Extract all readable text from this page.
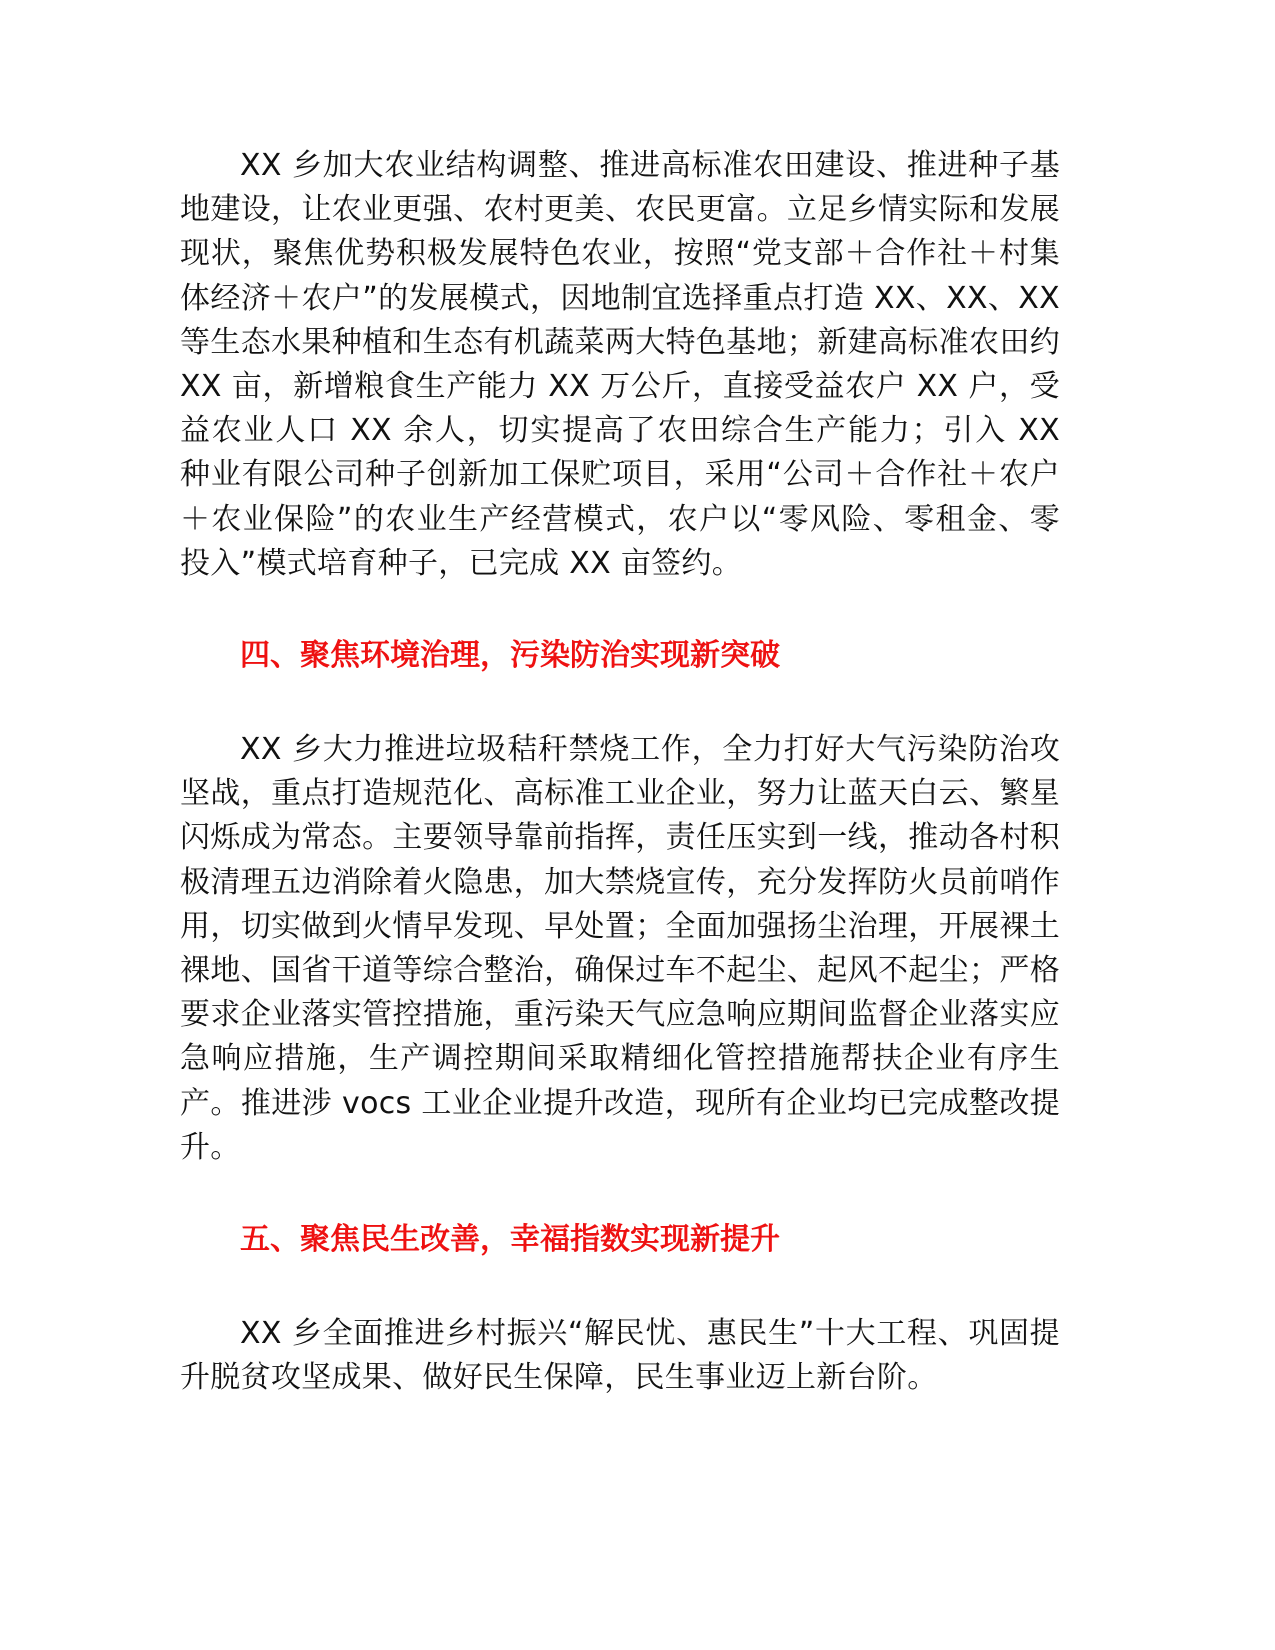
XX 乡加大农业结构调整、推进高标准农田建设、推进种子基地建设，让农业更强、农村更美、农民更富。立足乡情实际和发展现状，聚焦优势积极发展特色农业，按照“党支部＋合作社＋村集体经济＋农户”的发展模式，因地制宜选择重点打造 XX、XX、XX 等生态水果种植和生态有机蔬菜两大特色基地；新建高标准农田约 XX 亩，新增粮食生产能力 XX 万公斤，直接受益农户 XX 户，受益农业人口 XX 余人，切实提高了农田综合生产能力；引入 XX 种业有限公司种子创新加工保贮项目，采用“公司＋合作社＋农户＋农业保险”的农业生产经营模式，农户以“零风险、零租金、零投入”模式培育种子，已完成 XX 亩签约。

四、聚焦环境治理，污染防治实现新突破

XX 乡大力推进垃圾秸秆禁烧工作，全力打好大气污染防治攻坚战，重点打造规范化、高标准工业企业，努力让蓝天白云、繁星闪烁成为常态。主要领导靠前指挥，责任压实到一线，推动各村积极清理五边消除着火隐患，加大禁烧宣传，充分发挥防火员前哨作用，切实做到火情早发现、早处置；全面加强扬尘治理，开展裸土裸地、国省干道等综合整治，确保过车不起尘、起风不起尘；严格要求企业落实管控措施，重污染天气应急响应期间监督企业落实应急响应措施，生产调控期间采取精细化管控措施帮扶企业有序生产。推进涉 vocs 工业企业提升改造，现所有企业均已完成整改提升。

五、聚焦民生改善，幸福指数实现新提升

XX 乡全面推进乡村振兴“解民忧、惠民生”十大工程、巩固提升脱贫攻坚成果、做好民生保障，民生事业迈上新台阶。
